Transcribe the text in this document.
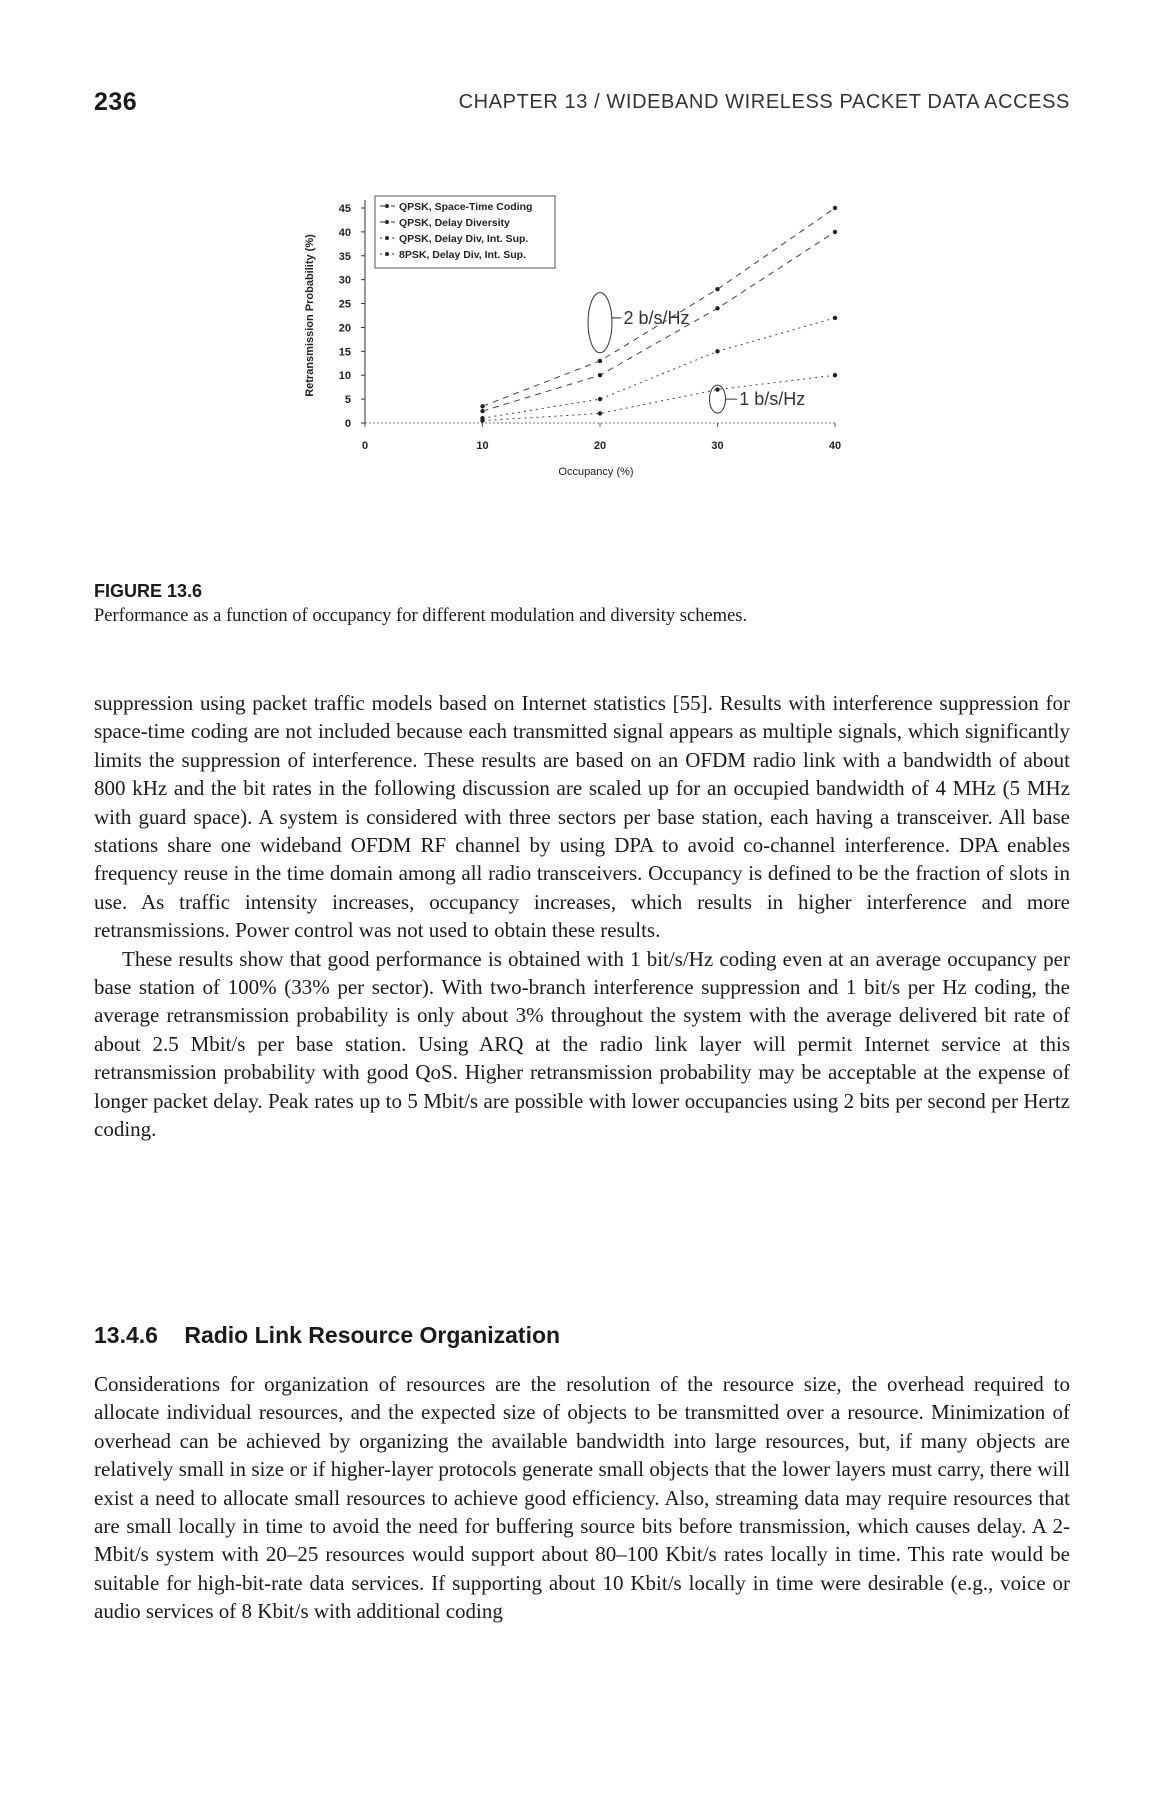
236	CHAPTER 13 / WIDEBAND WIRELESS PACKET DATA ACCESS
0
5
10
15
20
25
30
35
40
45
0	10	20	30	40
Occupancy (%)
Retransmission Probability (%)	2 b/s/Hz
1 b/s/Hz
QPSK, Space-Time Coding
QPSK, Delay Diversity
QPSK, Delay Div, Int. Sup.
8PSK, Delay Div, Int. Sup.
FIGURE 13.6
Performance as a function of occupancy for different modulation and diversity schemes.

suppression using packet traffic models based on Internet statistics [55]. Results with interference suppression for space-time coding are not included because each transmitted signal appears as multiple signals, which significantly limits the suppression of interference. These results are based on an OFDM radio link with a bandwidth of about 800 kHz and the bit rates in the following discussion are scaled up for an occupied bandwidth of 4 MHz (5 MHz with guard space). A system is considered with three sectors per base station, each having a transceiver. All base stations share one wideband OFDM RF channel by using DPA to avoid co-channel interference. DPA enables frequency reuse in the time domain among all radio transceivers. Occupancy is defined to be the fraction of slots in use. As traffic intensity increases, occupancy increases, which results in higher interference and more retransmissions. Power control was not used to obtain these results.

These results show that good performance is obtained with 1 bit/s/Hz coding even at an average occupancy per base station of 100% (33% per sector). With two-branch interference suppression and 1 bit/s per Hz coding, the average retransmission probability is only about 3% throughout the system with the average delivered bit rate of about 2.5 Mbit/s per base station. Using ARQ at the radio link layer will permit Internet service at this retransmission probability with good QoS. Higher retransmission probability may be acceptable at the expense of longer packet delay. Peak rates up to 5 Mbit/s are possible with lower occupancies using 2 bits per second per Hertz coding.

13.4.6 Radio Link Resource Organization

Considerations for organization of resources are the resolution of the resource size, the overhead required to allocate individual resources, and the expected size of objects to be transmitted over a resource. Minimization of overhead can be achieved by organizing the available bandwidth into large resources, but, if many objects are relatively small in size or if higher-layer protocols generate small objects that the lower layers must carry, there will exist a need to allocate small resources to achieve good efficiency. Also, streaming data may require resources that are small locally in time to avoid the need for buffering source bits before transmission, which causes delay. A 2-Mbit/s system with 20–25 resources would support about 80–100 Kbit/s rates locally in time. This rate would be suitable for high-bit-rate data services. If supporting about 10 Kbit/s locally in time were desirable (e.g., voice or audio services of 8 Kbit/s with additional coding
